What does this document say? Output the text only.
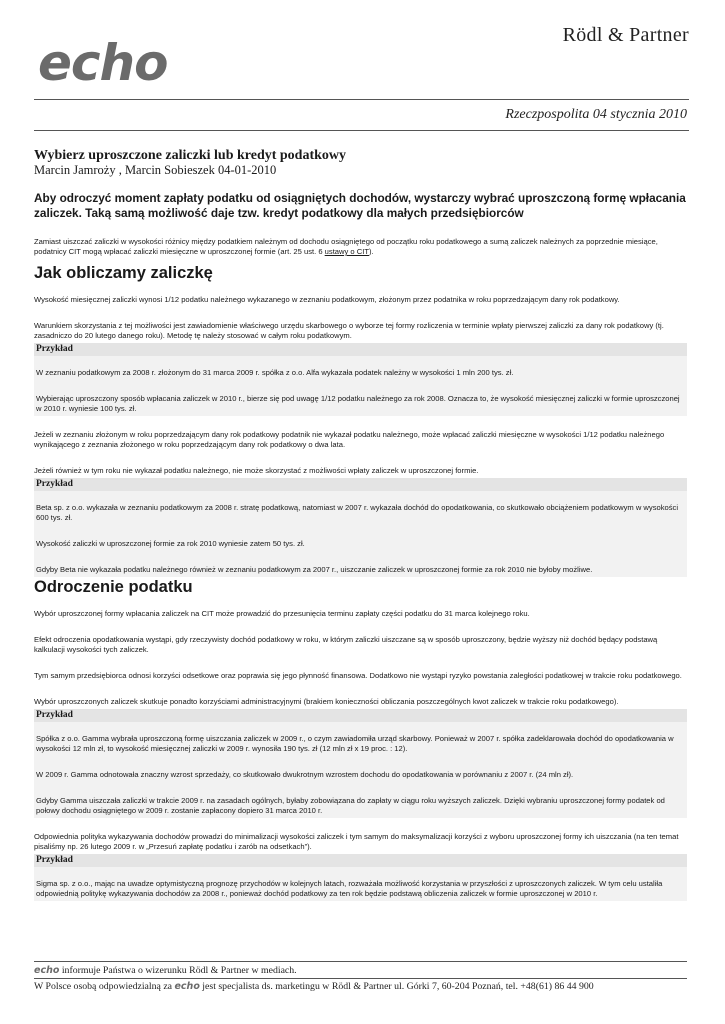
echo	Rödl & Partner
Rzeczpospolita 04 stycznia 2010
Wybierz uproszczone zaliczki lub kredyt podatkowy

Marcin Jamroży , Marcin Sobieszek 04-01-2010

Aby odroczyć moment zapłaty podatku od osiągniętych dochodów, wystarczy wybrać uproszczoną formę wpłacania zaliczek. Taką samą możliwość daje tzw. kredyt podatkowy dla małych przedsiębiorców

Zamiast uiszczać zaliczki w wysokości różnicy między podatkiem należnym od dochodu osiągniętego od początku roku podatkowego a sumą zaliczek należnych za poprzednie miesiące, podatnicy CIT mogą wpłacać zaliczki miesięczne w uproszczonej formie (art. 25 ust. 6 ustawy o CIT).

Jak obliczamy zaliczkę

Wysokość miesięcznej zaliczki wynosi 1/12 podatku należnego wykazanego w zeznaniu podatkowym, złożonym przez podatnika w roku poprzedzającym dany rok podatkowy.

Warunkiem skorzystania z tej możliwości jest zawiadomienie właściwego urzędu skarbowego o wyborze tej formy rozliczenia w terminie wpłaty pierwszej zaliczki za dany rok podatkowy (tj. zasadniczo do 20 lutego danego roku). Metodę tę należy stosować w całym roku podatkowym.

Przykład

W zeznaniu podatkowym za 2008 r. złożonym do 31 marca 2009 r. spółka z o.o. Alfa wykazała podatek należny w wysokości 1 mln 200 tys. zł.

Wybierając uproszczony sposób wpłacania zaliczek w 2010 r., bierze się pod uwagę 1/12 podatku należnego za rok 2008. Oznacza to, że wysokość miesięcznej zaliczki w formie uproszczonej w 2010 r. wyniesie 100 tys. zł.

Jeżeli w zeznaniu złożonym w roku poprzedzającym dany rok podatkowy podatnik nie wykazał podatku należnego, może wpłacać zaliczki miesięczne w wysokości 1/12 podatku należnego wynikającego z zeznania złożonego w roku poprzedzającym dany rok podatkowy o dwa lata.

Jeżeli również w tym roku nie wykazał podatku należnego, nie może skorzystać z możliwości wpłaty zaliczek w uproszczonej formie.

Przykład

Beta sp. z o.o. wykazała w zeznaniu podatkowym za 2008 r. stratę podatkową, natomiast w 2007 r. wykazała dochód do opodatkowania, co skutkowało obciążeniem podatkowym w wysokości 600 tys. zł.

Wysokość zaliczki w uproszczonej formie za rok 2010 wyniesie zatem 50 tys. zł.

Gdyby Beta nie wykazała podatku należnego również w zeznaniu podatkowym za 2007 r., uiszczanie zaliczek w uproszczonej formie za rok 2010 nie byłoby możliwe.

Odroczenie podatku

Wybór uproszczonej formy wpłacania zaliczek na CIT może prowadzić do przesunięcia terminu zapłaty części podatku do 31 marca kolejnego roku.

Efekt odroczenia opodatkowania wystąpi, gdy rzeczywisty dochód podatkowy w roku, w którym zaliczki uiszczane są w sposób uproszczony, będzie wyższy niż dochód będący podstawą kalkulacji wysokości tych zaliczek.

Tym samym przedsiębiorca odnosi korzyści odsetkowe oraz poprawia się jego płynność finansowa. Dodatkowo nie wystąpi ryzyko powstania zaległości podatkowej w trakcie roku podatkowego.

Wybór uproszczonych zaliczek skutkuje ponadto korzyściami administracyjnymi (brakiem konieczności obliczania poszczególnych kwot zaliczek w trakcie roku podatkowego).

Przykład

Spółka z o.o. Gamma wybrała uproszczoną formę uiszczania zaliczek w 2009 r., o czym zawiadomiła urząd skarbowy. Ponieważ w 2007 r. spółka zadeklarowała dochód do opodatkowania w wysokości 12 mln zł, to wysokość miesięcznej zaliczki w 2009 r. wynosiła 190 tys. zł (12 mln zł x 19 proc. : 12).

W 2009 r. Gamma odnotowała znaczny wzrost sprzedaży, co skutkowało dwukrotnym wzrostem dochodu do opodatkowania w porównaniu z 2007 r. (24 mln zł).

Gdyby Gamma uiszczała zaliczki w trakcie 2009 r. na zasadach ogólnych, byłaby zobowiązana do zapłaty w ciągu roku wyższych zaliczek. Dzięki wybraniu uproszczonej formy podatek od połowy dochodu osiągniętego w 2009 r. zostanie zapłacony dopiero 31 marca 2010 r.

Odpowiednia polityka wykazywania dochodów prowadzi do minimalizacji wysokości zaliczek i tym samym do maksymalizacji korzyści z wyboru uproszczonej formy ich uiszczania (na ten temat pisaliśmy np. 26 lutego 2009 r. w „Przesuń zapłatę podatku i zarób na odsetkach”).

Przykład

Sigma sp. z o.o., mając na uwadze optymistyczną prognozę przychodów w kolejnych latach, rozważała możliwość korzystania w przyszłości z uproszczonych zaliczek. W tym celu ustaliła odpowiednią politykę wykazywania dochodów za 2008 r., ponieważ dochód podatkowy za ten rok będzie podstawą obliczenia zaliczek w formie uproszczonej w 2010 r.

echo informuje Państwa o wizerunku Rödl & Partner w mediach.

W Polsce osobą odpowiedzialną za echo jest specjalista ds. marketingu w Rödl & Partner ul. Górki 7, 60-204 Poznań, tel. +48(61) 86 44 900
